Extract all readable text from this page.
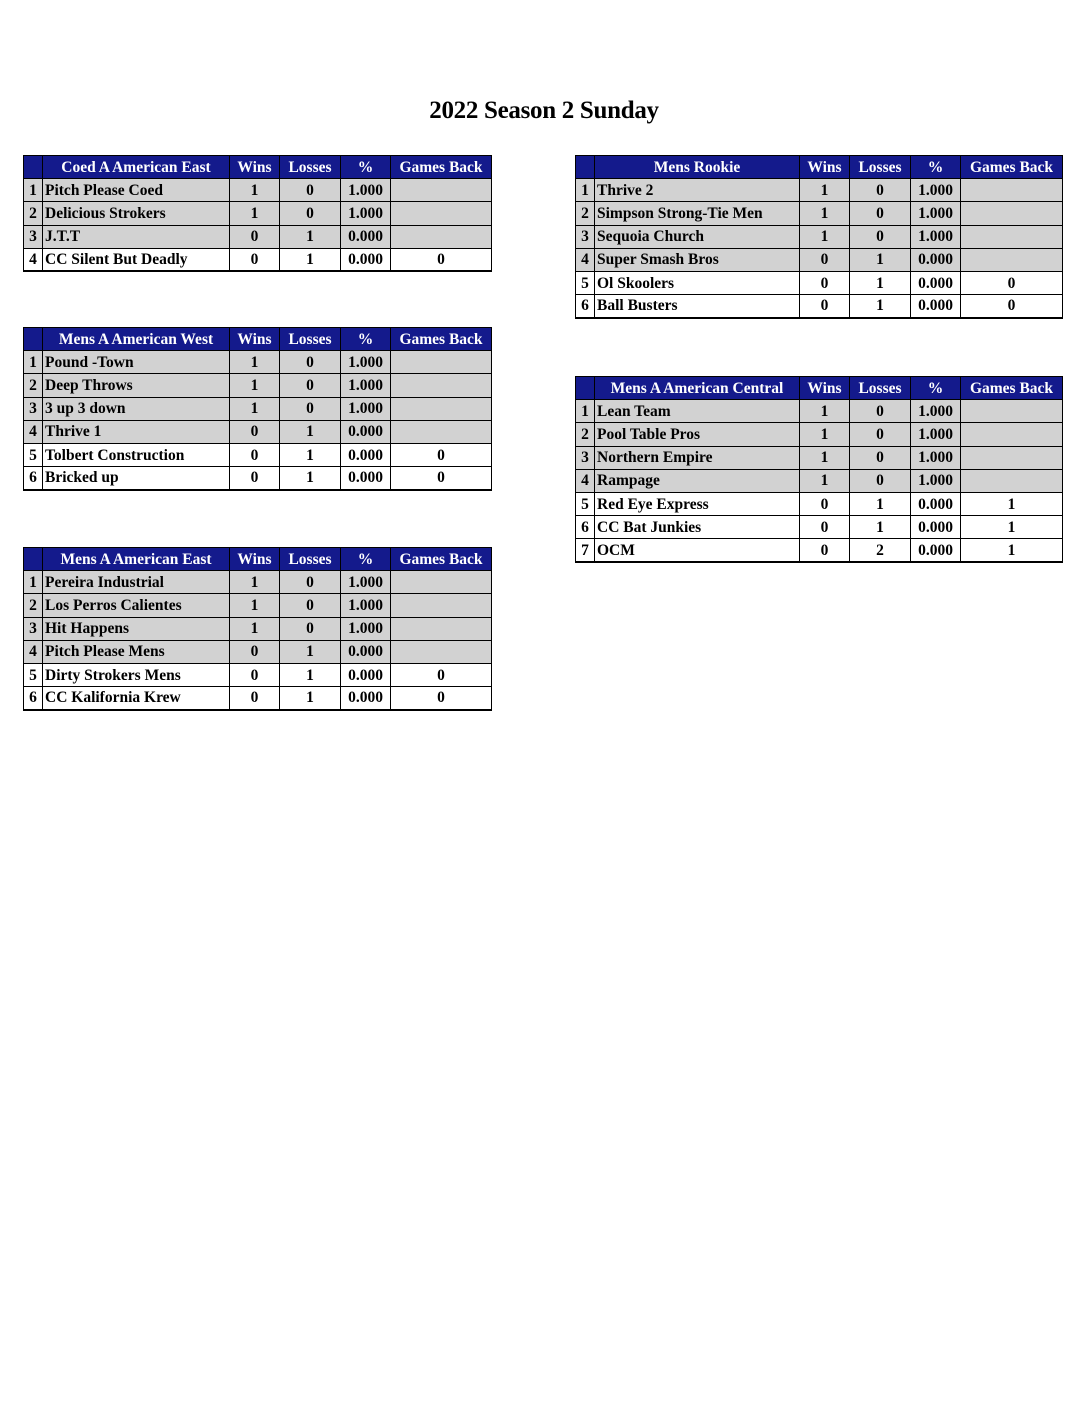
2022 Season 2 Sunday
	Coed A American East	Wins	Losses	%	Games Back
1	Pitch Please Coed	1	0	1.000	
2	Delicious Strokers	1	0	1.000	
3	J.T.T	0	1	0.000	
4	CC Silent But Deadly	0	1	0.000	0
	Mens A American West	Wins	Losses	%	Games Back
1	Pound -Town	1	0	1.000	
2	Deep Throws	1	0	1.000	
3	3 up 3 down	1	0	1.000	
4	Thrive 1	0	1	0.000	
5	Tolbert Construction	0	1	0.000	0
6	Bricked up	0	1	0.000	0
	Mens A American East	Wins	Losses	%	Games Back
1	Pereira Industrial	1	0	1.000	
2	Los Perros Calientes	1	0	1.000	
3	Hit Happens	1	0	1.000	
4	Pitch Please Mens	0	1	0.000	
5	Dirty Strokers Mens	0	1	0.000	0
6	CC Kalifornia Krew	0	1	0.000	0
	Mens Rookie	Wins	Losses	%	Games Back
1	Thrive 2	1	0	1.000	
2	Simpson Strong-Tie Men	1	0	1.000	
3	Sequoia Church	1	0	1.000	
4	Super Smash Bros	0	1	0.000	
5	Ol Skoolers	0	1	0.000	0
6	Ball Busters	0	1	0.000	0
	Mens A American Central	Wins	Losses	%	Games Back
1	Lean Team	1	0	1.000	
2	Pool Table Pros	1	0	1.000	
3	Northern Empire	1	0	1.000	
4	Rampage	1	0	1.000	
5	Red Eye Express	0	1	0.000	1
6	CC Bat Junkies	0	1	0.000	1
7	OCM	0	2	0.000	1
